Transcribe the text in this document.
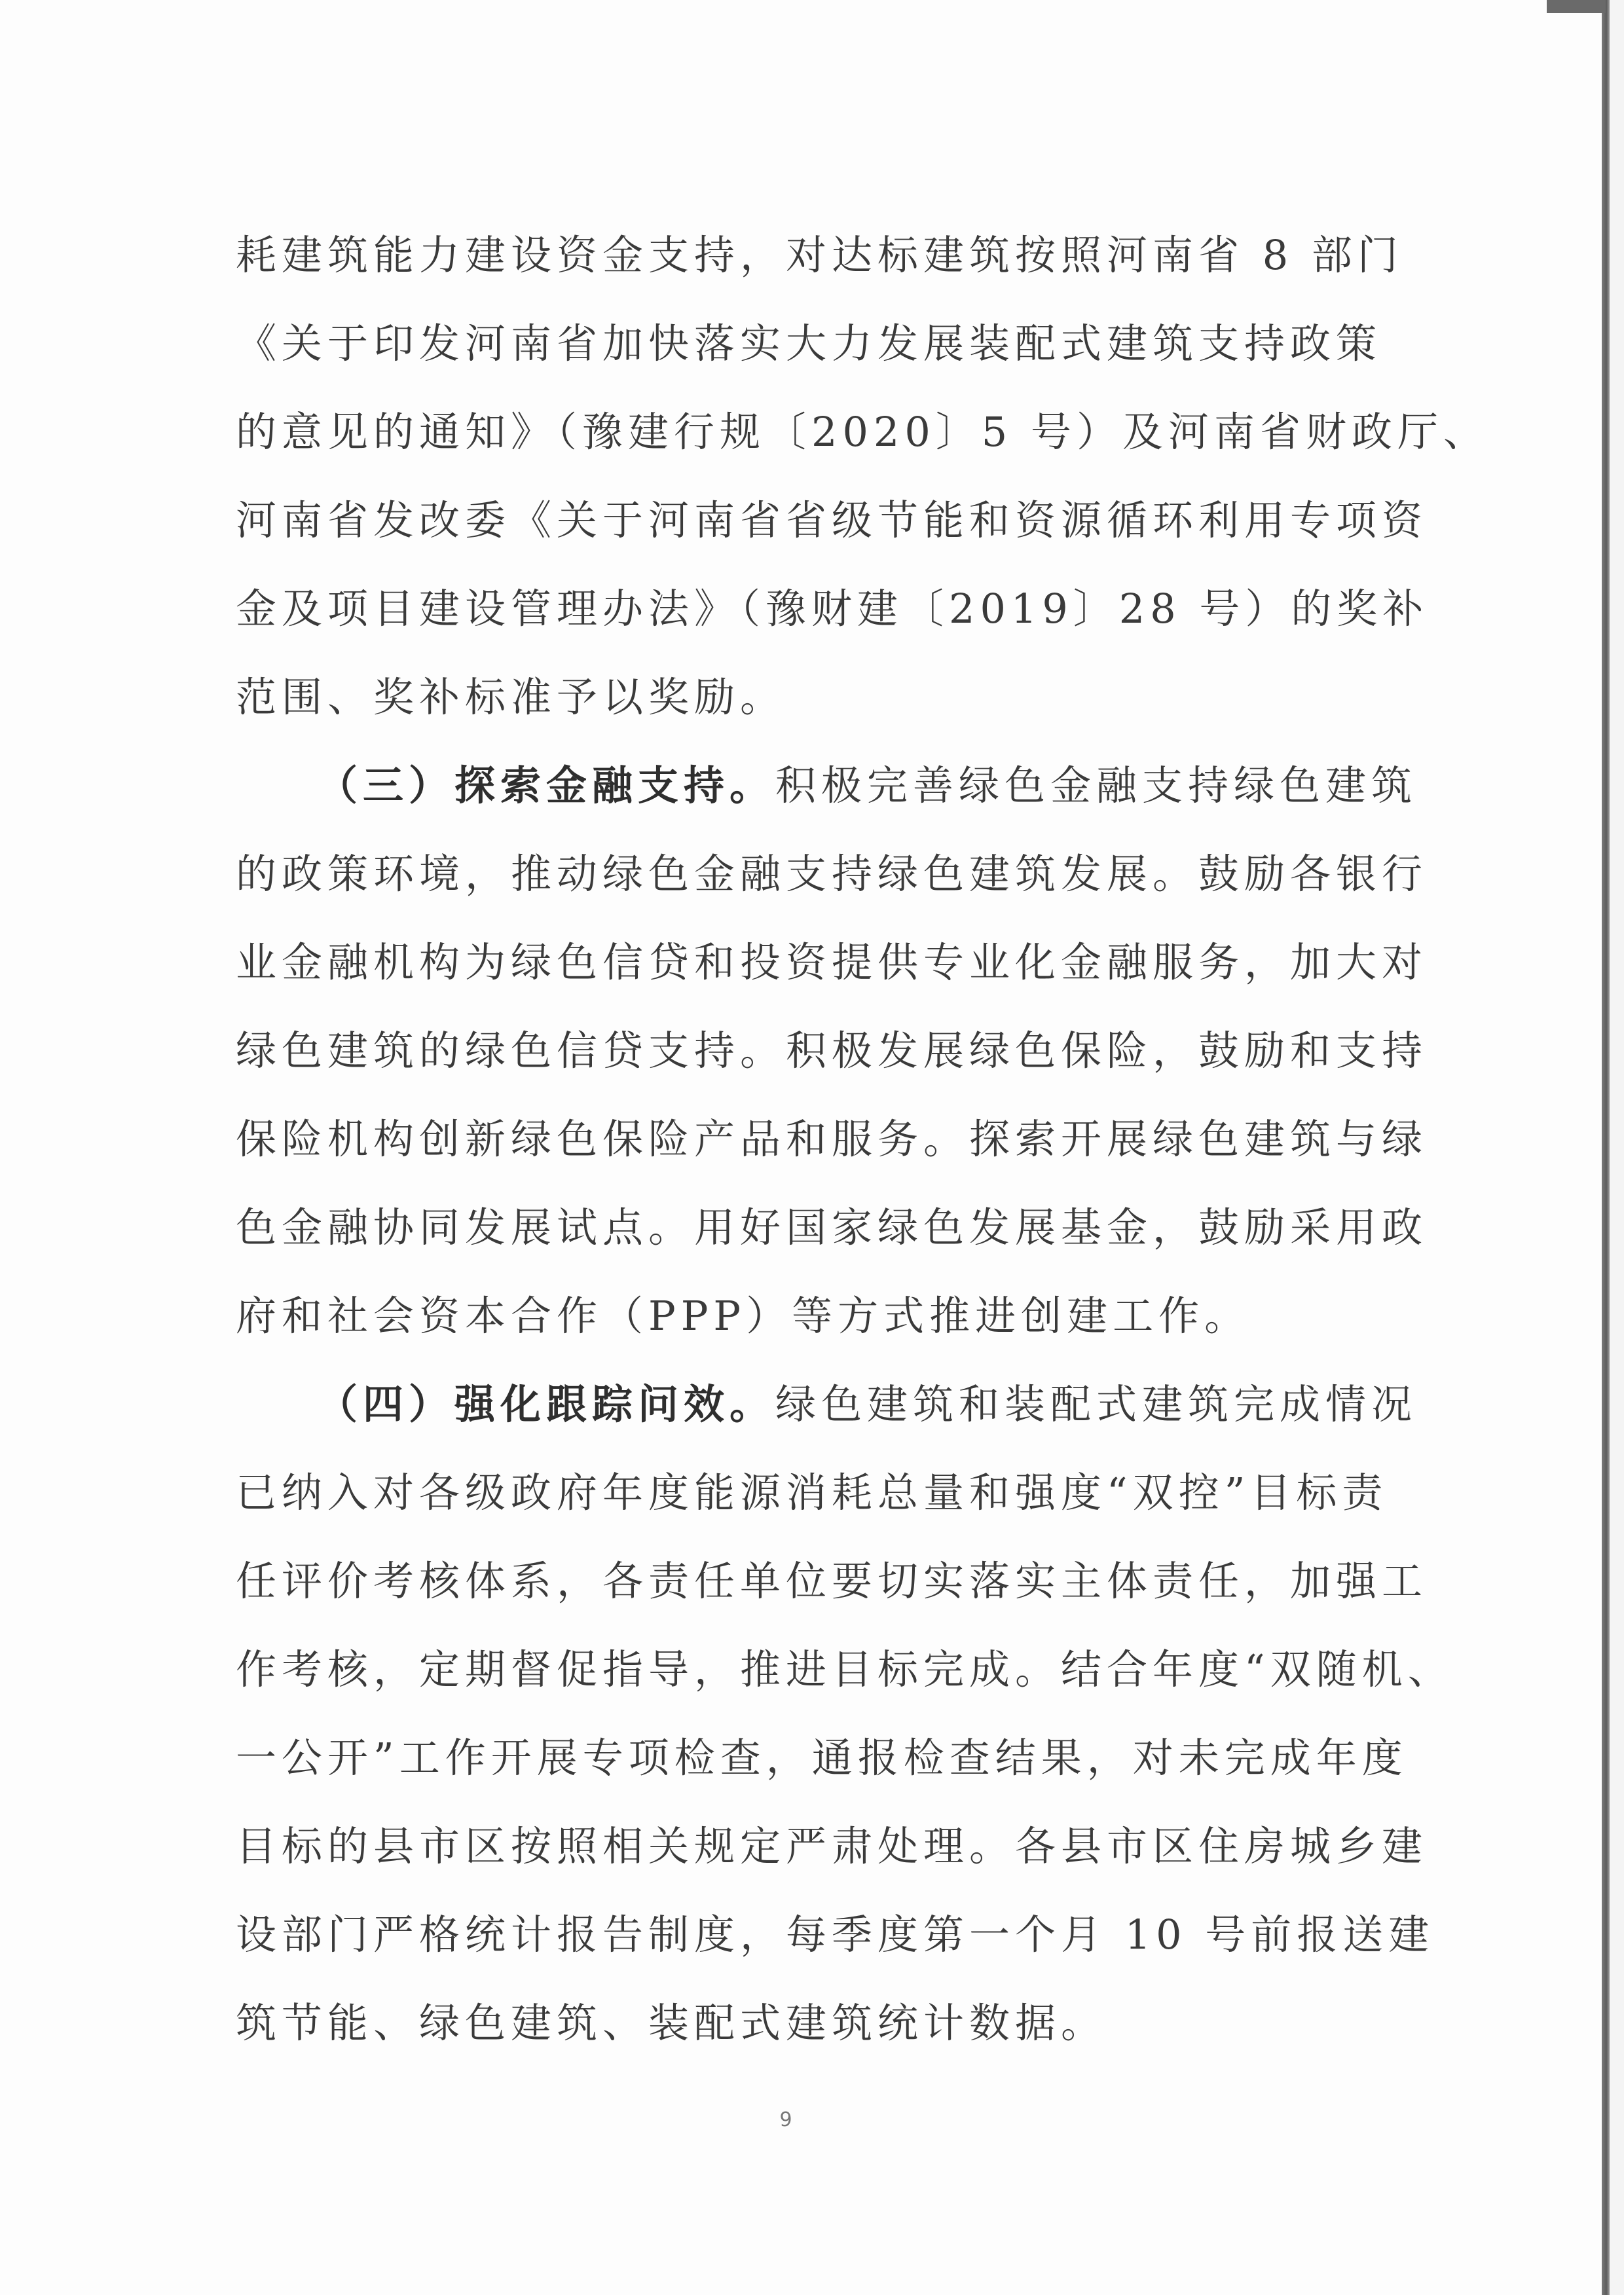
耗建筑能力建设资金支持，对达标建筑按照河南省 8 部门
《关于印发河南省加快落实大力发展装配式建筑支持政策
的意见的通知》（豫建行规〔2020〕5 号）及河南省财政厅、
河南省发改委《关于河南省省级节能和资源循环利用专项资
金及项目建设管理办法》（豫财建〔2019〕28 号）的奖补
范围、奖补标准予以奖励。

（三）探索金融支持。积极完善绿色金融支持绿色建筑
的政策环境，推动绿色金融支持绿色建筑发展。鼓励各银行
业金融机构为绿色信贷和投资提供专业化金融服务，加大对
绿色建筑的绿色信贷支持。积极发展绿色保险，鼓励和支持
保险机构创新绿色保险产品和服务。探索开展绿色建筑与绿
色金融协同发展试点。用好国家绿色发展基金，鼓励采用政
府和社会资本合作（PPP）等方式推进创建工作。

（四）强化跟踪问效。绿色建筑和装配式建筑完成情况
已纳入对各级政府年度能源消耗总量和强度“双控”目标责
任评价考核体系，各责任单位要切实落实主体责任，加强工
作考核，定期督促指导，推进目标完成。结合年度“双随机、
一公开”工作开展专项检查，通报检查结果，对未完成年度
目标的县市区按照相关规定严肃处理。各县市区住房城乡建
设部门严格统计报告制度，每季度第一个月 10 号前报送建
筑节能、绿色建筑、装配式建筑统计数据。

9
